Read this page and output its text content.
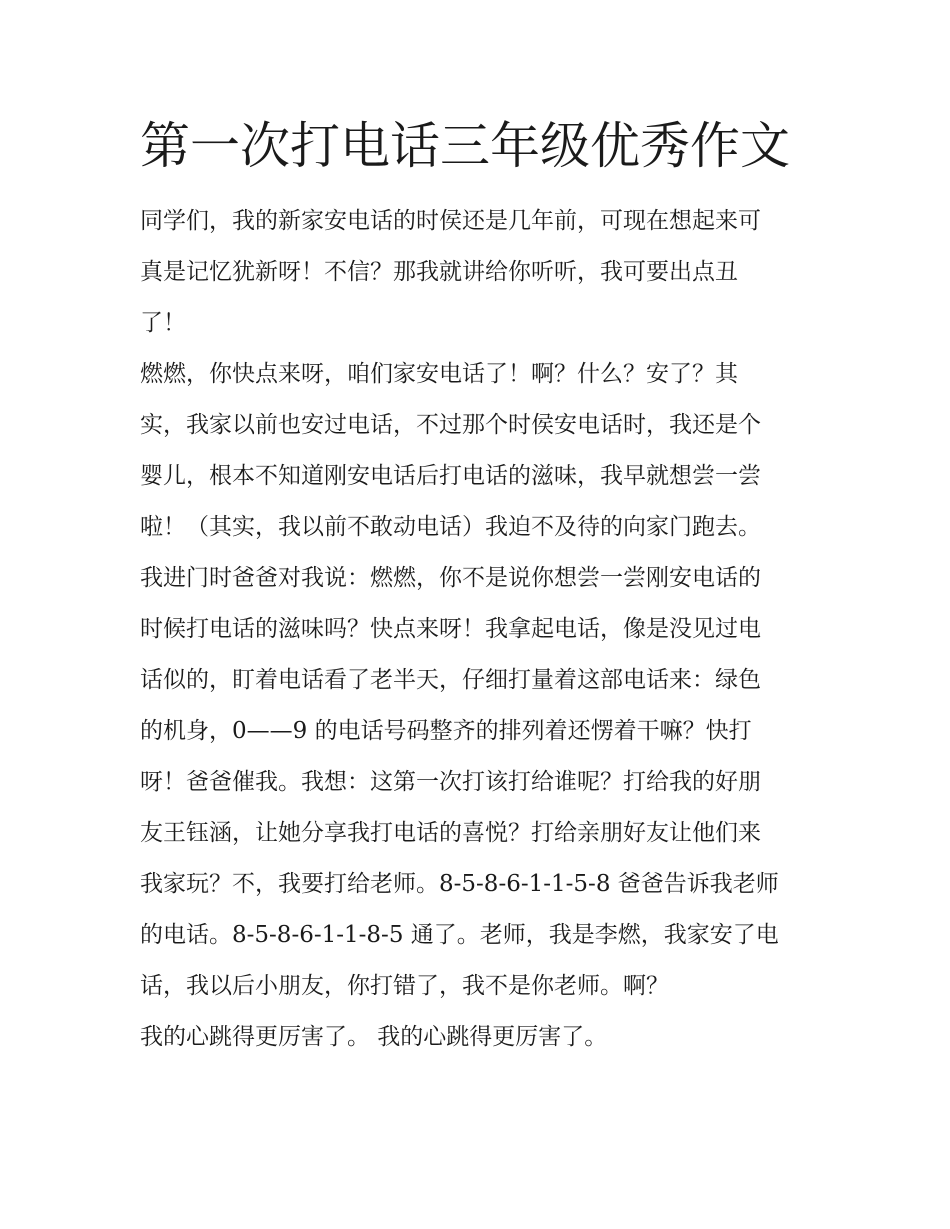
第一次打电话三年级优秀作文
同学们，我的新家安电话的时侯还是几年前，可现在想起来可
真是记忆犹新呀！不信？那我就讲给你听听，我可要出点丑
了！
燃燃，你快点来呀，咱们家安电话了！啊？什么？安了？其
实，我家以前也安过电话，不过那个时侯安电话时，我还是个
婴儿，根本不知道刚安电话后打电话的滋味，我早就想尝一尝
啦！（其实，我以前不敢动电话）我迫不及待的向家门跑去。
我进门时爸爸对我说：燃燃，你不是说你想尝一尝刚安电话的
时候打电话的滋味吗？快点来呀！我拿起电话，像是没见过电
话似的，盯着电话看了老半天，仔细打量着这部电话来：绿色
的机身，0——9 的电话号码整齐的排列着还愣着干嘛？快打
呀！爸爸催我。我想：这第一次打该打给谁呢？打给我的好朋
友王钰涵，让她分享我打电话的喜悦？打给亲朋好友让他们来
我家玩？不，我要打给老师。8-5-8-6-1-1-5-8 爸爸告诉我老师
的电话。8-5-8-6-1-1-8-5 通了。老师，我是李燃，我家安了电
话，我以后小朋友，你打错了，我不是你老师。啊？
我的心跳得更厉害了。 我的心跳得更厉害了。
